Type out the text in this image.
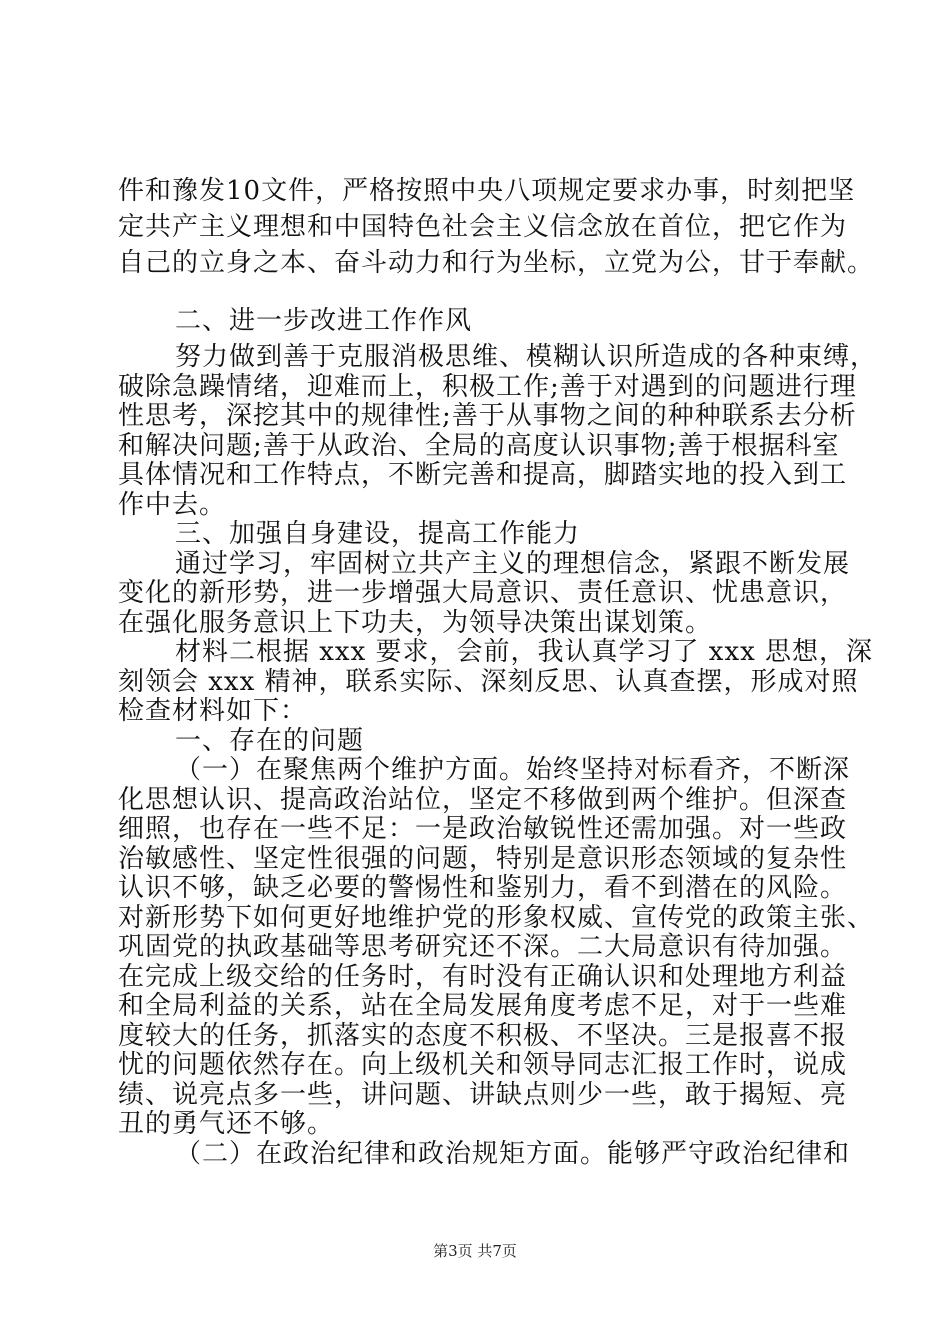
件和豫发10文件，严格按照中央八项规定要求办事，时刻把坚
定共产主义理想和中国特色社会主义信念放在首位，把它作为
自己的立身之本、奋斗动力和行为坐标，立党为公，甘于奉献。
二、进一步改进工作作风
努力做到善于克服消极思维、模糊认识所造成的各种束缚，
破除急躁情绪，迎难而上，积极工作;善于对遇到的问题进行理
性思考，深挖其中的规律性;善于从事物之间的种种联系去分析
和解决问题;善于从政治、全局的高度认识事物;善于根据科室
具体情况和工作特点，不断完善和提高，脚踏实地的投入到工
作中去。
三、加强自身建设，提高工作能力
通过学习，牢固树立共产主义的理想信念，紧跟不断发展
变化的新形势，进一步增强大局意识、责任意识、忧患意识，
在强化服务意识上下功夫，为领导决策出谋划策。
材料二根据 xxx 要求，会前，我认真学习了 xxx 思想，深
刻领会 xxx 精神，联系实际、深刻反思、认真查摆，形成对照
检查材料如下：
一、存在的问题
（一）在聚焦两个维护方面。始终坚持对标看齐，不断深
化思想认识、提高政治站位，坚定不移做到两个维护。但深查
细照，也存在一些不足：一是政治敏锐性还需加强。对一些政
治敏感性、坚定性很强的问题，特别是意识形态领域的复杂性
认识不够，缺乏必要的警惕性和鉴别力，看不到潜在的风险。
对新形势下如何更好地维护党的形象权威、宣传党的政策主张、
巩固党的执政基础等思考研究还不深。二大局意识有待加强。
在完成上级交给的任务时，有时没有正确认识和处理地方利益
和全局利益的关系，站在全局发展角度考虑不足，对于一些难
度较大的任务，抓落实的态度不积极、不坚决。三是报喜不报
忧的问题依然存在。向上级机关和领导同志汇报工作时，说成
绩、说亮点多一些，讲问题、讲缺点则少一些，敢于揭短、亮
丑的勇气还不够。
（二）在政治纪律和政治规矩方面。能够严守政治纪律和
第3页 共7页
